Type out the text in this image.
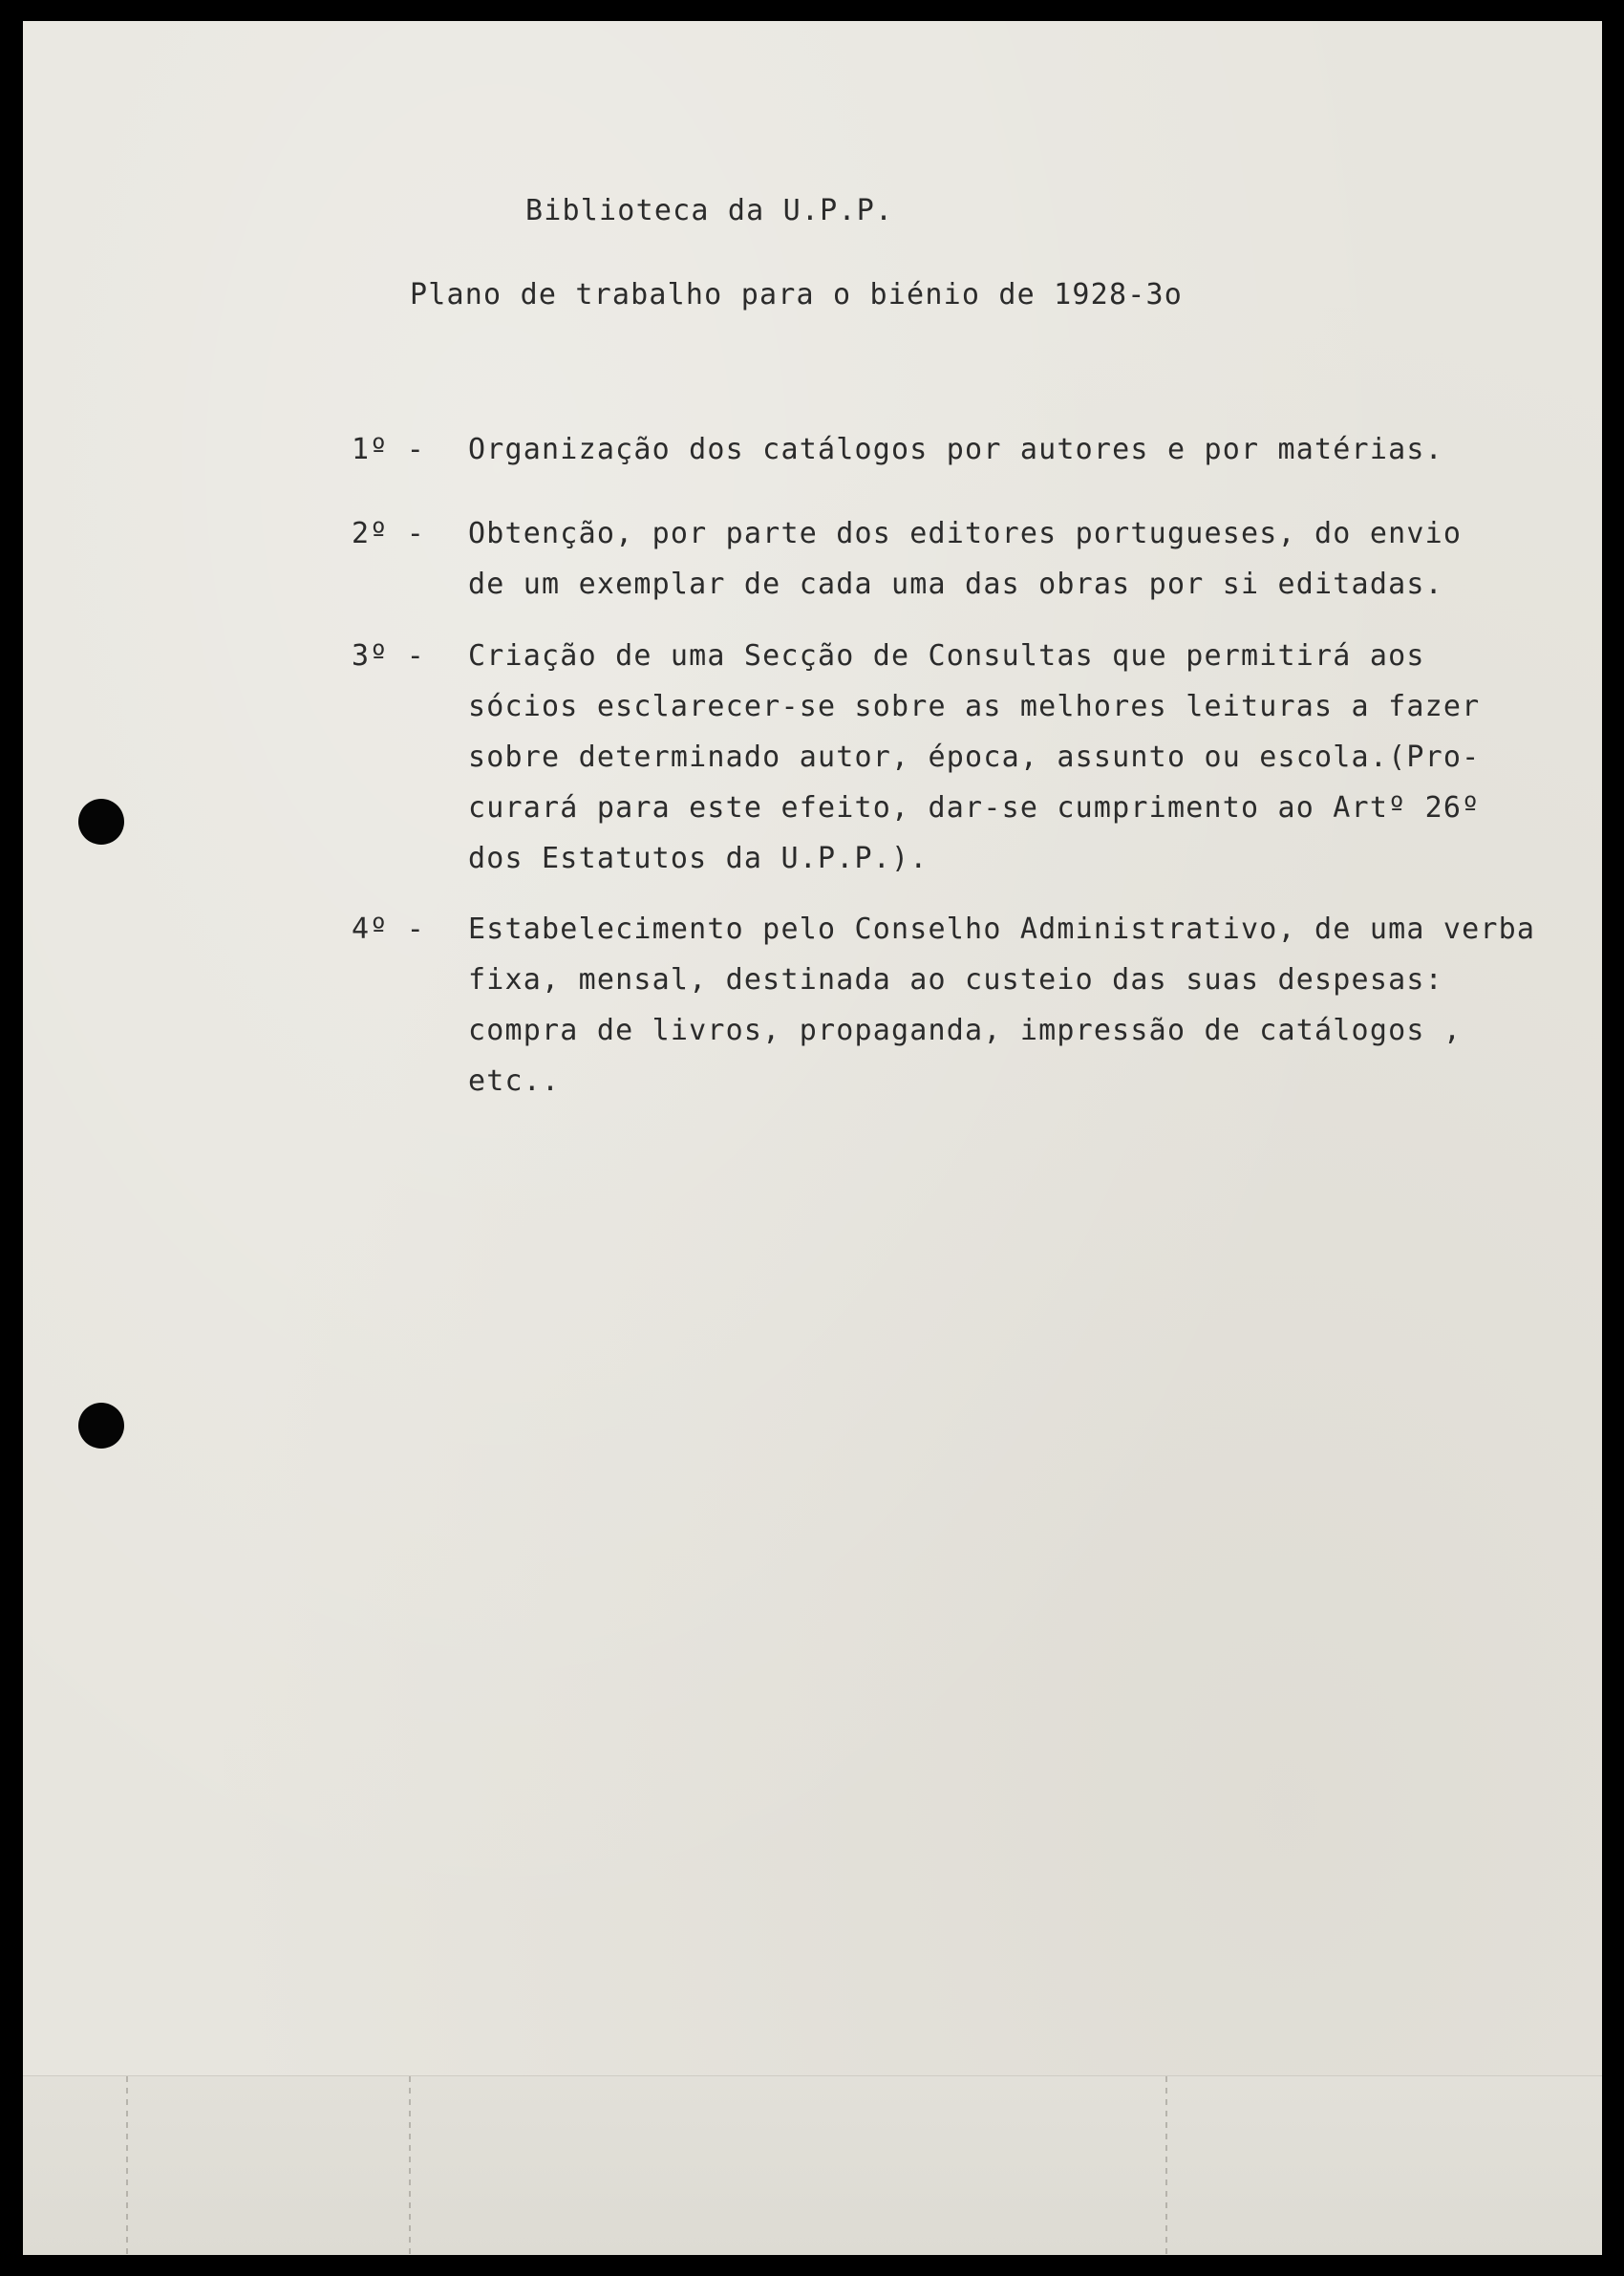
Biblioteca da U.P.P.

Plano de trabalho para o biénio de 1928-3o

1º -	Organização dos catálogos por autores e por matérias.
2º -	Obtenção, por parte dos editores portugueses, do envio
de um exemplar de cada uma das obras por si editadas.
3º -	Criação de uma Secção de Consultas que permitirá aos
sócios esclarecer-se sobre as melhores leituras a fazer
sobre determinado autor, época, assunto ou escola.(Pro-
curará para este efeito, dar-se cumprimento ao Artº 26º
dos Estatutos da U.P.P.).
4º -	Estabelecimento pelo Conselho Administrativo, de uma verba
fixa, mensal, destinada ao custeio das suas despesas:
compra de livros, propaganda, impressão de catálogos ,
etc..
